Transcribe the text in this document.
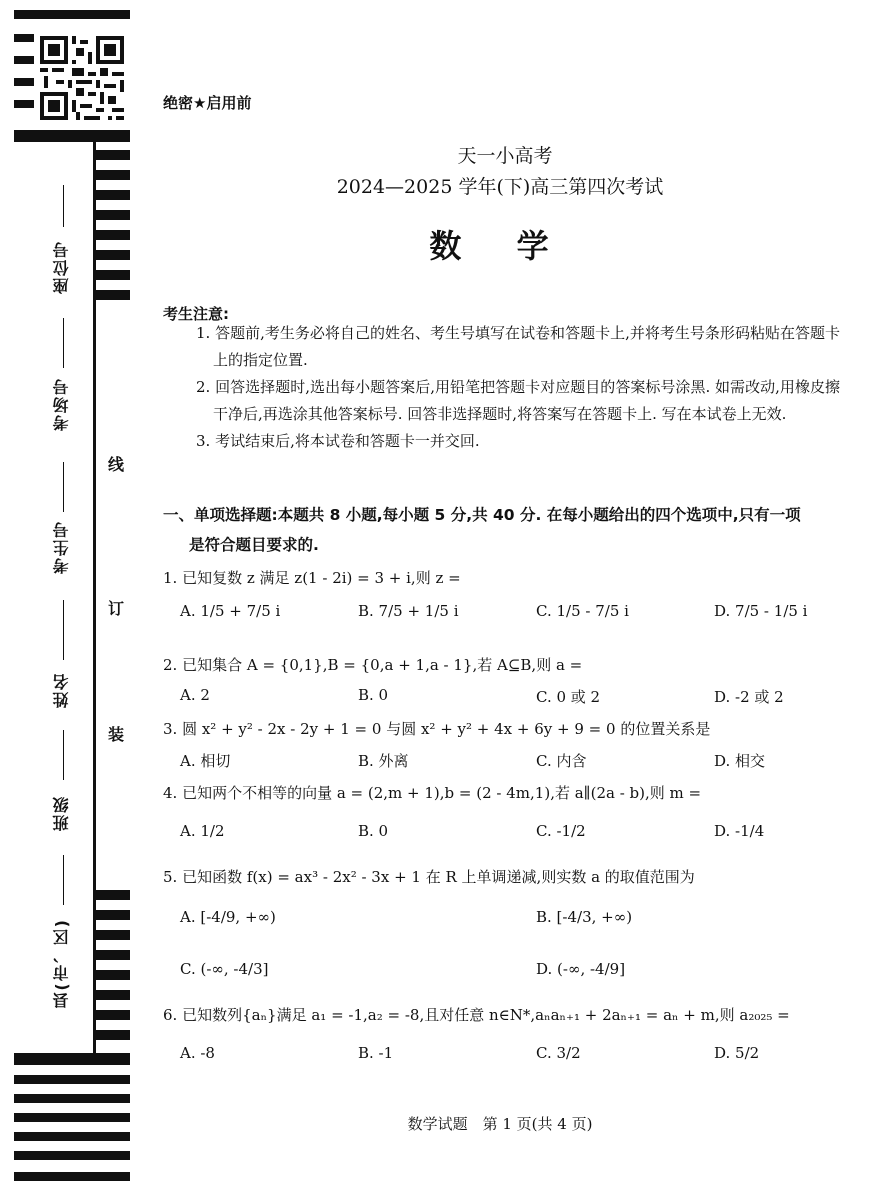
座位号
考场号
考生号
姓名
班级
县(市、区)
线
订
装
绝密★启用前
天一小高考
2024—2025 学年(下)高三第四次考试
数 学
考生注意:
1. 答题前,考生务必将自己的姓名、考生号填写在试卷和答题卡上,并将考生号条形码粘贴在答题卡上的指定位置.
2. 回答选择题时,选出每小题答案后,用铅笔把答题卡对应题目的答案标号涂黑. 如需改动,用橡皮擦干净后,再选涂其他答案标号. 回答非选择题时,将答案写在答题卡上. 写在本试卷上无效.
3. 考试结束后,将本试卷和答题卡一并交回.
一、单项选择题:本题共 8 小题,每小题 5 分,共 40 分. 在每小题给出的四个选项中,只有一项
是符合题目要求的.
1. 已知复数 z 满足 z(1 - 2i) = 3 + i,则 z =
A. 1/5 + 7/5 i	B. 7/5 + 1/5 i	C. 1/5 - 7/5 i	D. 7/5 - 1/5 i
2. 已知集合 A = {0,1},B = {0,a + 1,a - 1},若 A⊆B,则 a =
A. 2	B. 0	C. 0 或 2	D. -2 或 2
3. 圆 x² + y² - 2x - 2y + 1 = 0 与圆 x² + y² + 4x + 6y + 9 = 0 的位置关系是
A. 相切	B. 外离	C. 内含	D. 相交
4. 已知两个不相等的向量 a = (2,m + 1),b = (2 - 4m,1),若 a∥(2a - b),则 m =
A. 1/2	B. 0	C. -1/2	D. -1/4
5. 已知函数 f(x) = ax³ - 2x² - 3x + 1 在 R 上单调递减,则实数 a 的取值范围为
A. [-4/9, +∞)	B. [-4/3, +∞)
C. (-∞, -4/3]	D. (-∞, -4/9]
6. 已知数列{aₙ}满足 a₁ = -1,a₂ = -8,且对任意 n∈N*,aₙaₙ₊₁ + 2aₙ₊₁ = aₙ + m,则 a₂₀₂₅ =
A. -8	B. -1	C. 3/2	D. 5/2
数学试题　第 1 页(共 4 页)
